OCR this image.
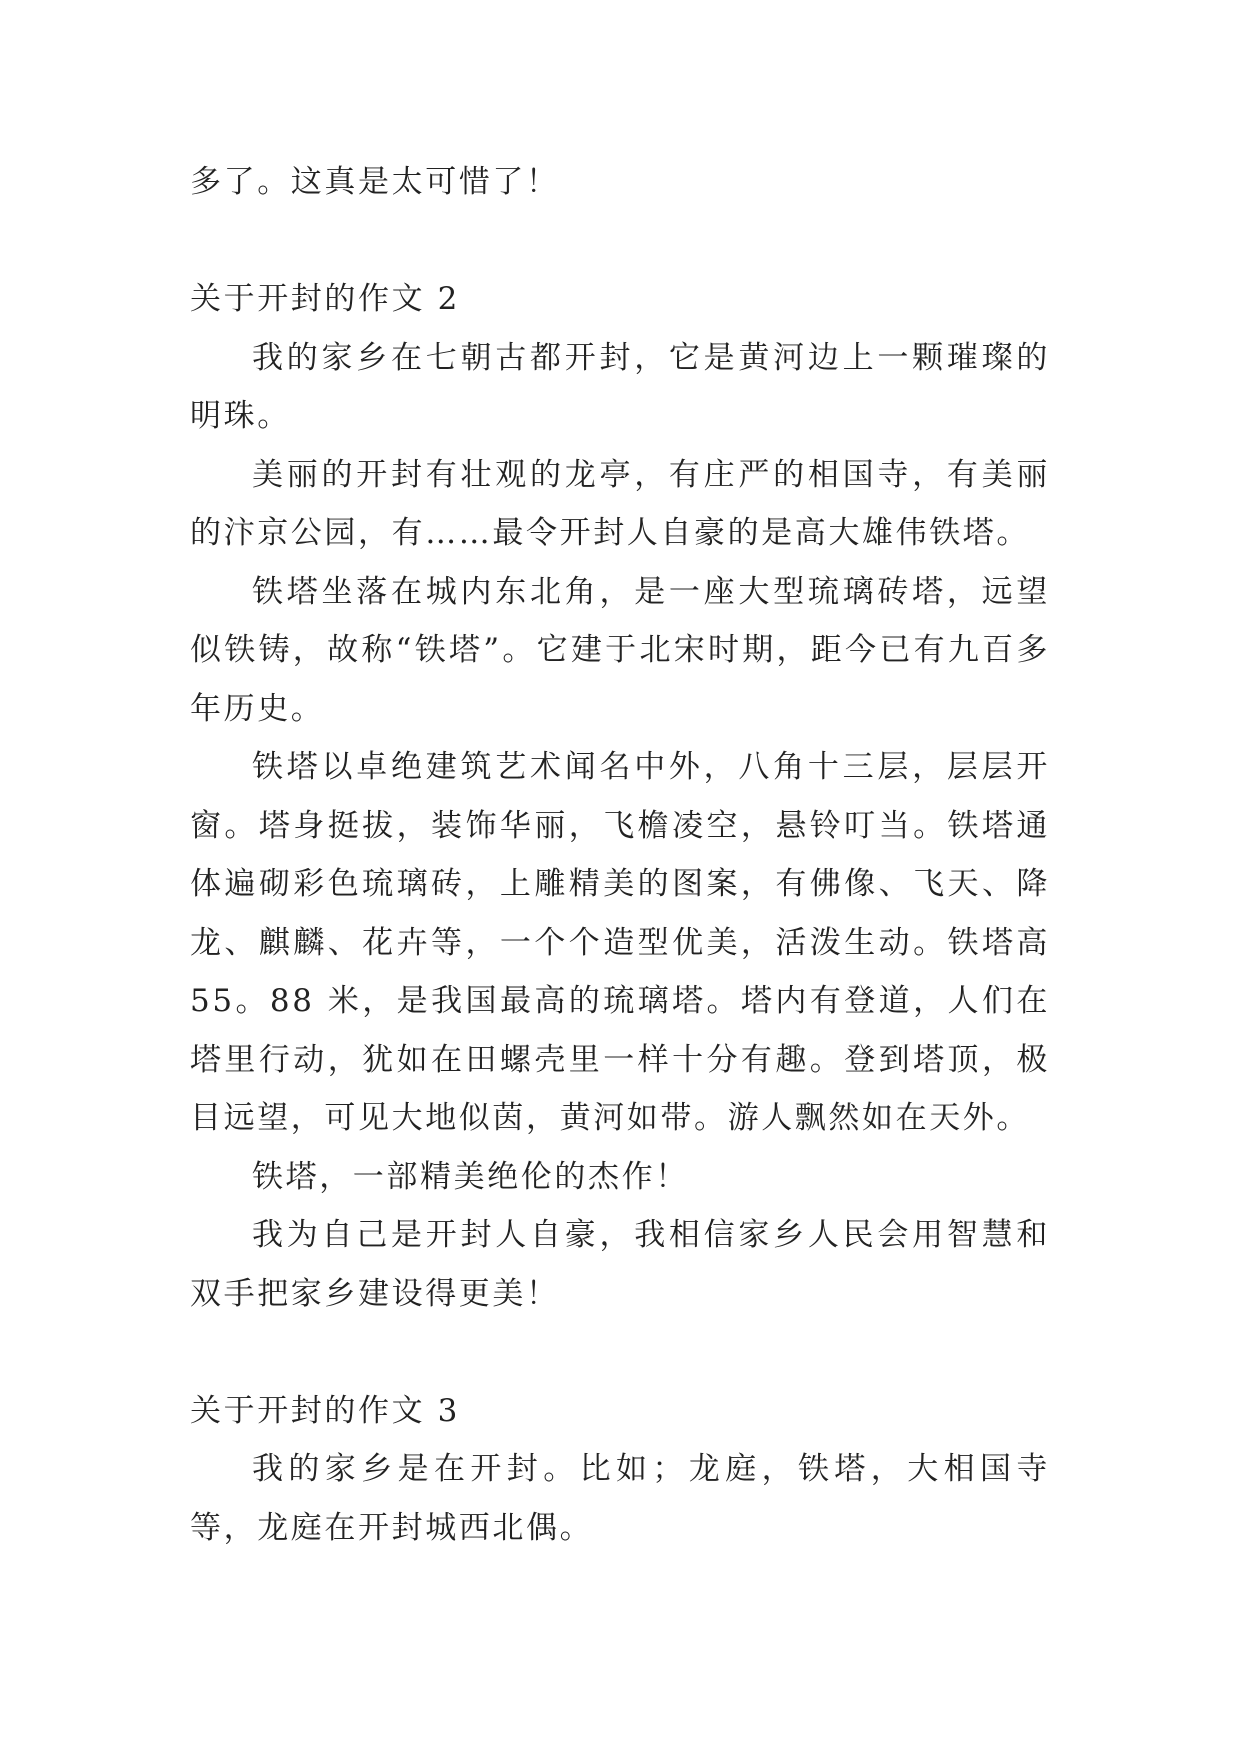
多了。这真是太可惜了！

关于开封的作文 2

我的家乡在七朝古都开封，它是黄河边上一颗璀璨的明珠。

美丽的开封有壮观的龙亭，有庄严的相国寺，有美丽的汴京公园，有……最令开封人自豪的是高大雄伟铁塔。

铁塔坐落在城内东北角，是一座大型琉璃砖塔，远望似铁铸，故称“铁塔”。它建于北宋时期，距今已有九百多年历史。

铁塔以卓绝建筑艺术闻名中外，八角十三层，层层开窗。塔身挺拔，装饰华丽，飞檐凌空，悬铃叮当。铁塔通体遍砌彩色琉璃砖，上雕精美的图案，有佛像、飞天、降龙、麒麟、花卉等，一个个造型优美，活泼生动。铁塔高 55。88 米，是我国最高的琉璃塔。塔内有登道，人们在塔里行动，犹如在田螺壳里一样十分有趣。登到塔顶，极目远望，可见大地似茵，黄河如带。游人飘然如在天外。

铁塔，一部精美绝伦的杰作！

我为自己是开封人自豪，我相信家乡人民会用智慧和双手把家乡建设得更美！

关于开封的作文 3

我的家乡是在开封。比如；龙庭，铁塔，大相国寺等，龙庭在开封城西北偶。
